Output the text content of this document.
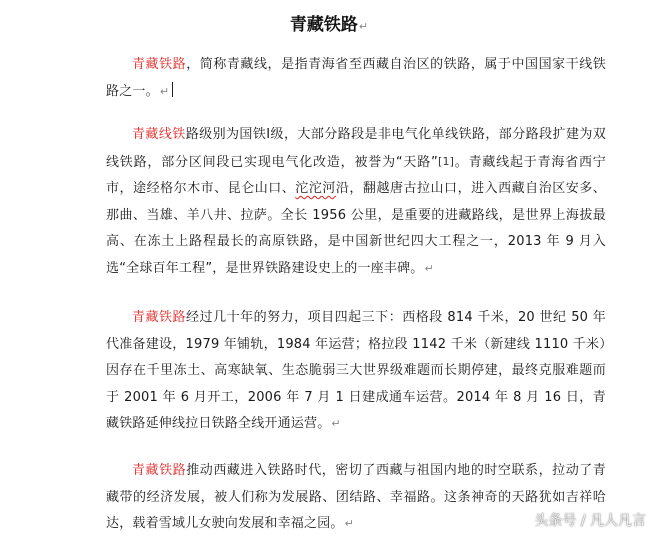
青藏铁路↵

青藏铁路，简称青藏线，是指青海省至西藏自治区的铁路，属于中国国家干线铁路之一。↵

青藏线铁路级别为国铁Ⅰ级，大部分路段是非电气化单线铁路，部分路段扩建为双线铁路，部分区间段已实现电气化改造，被誉为“天路”[1]。青藏线起于青海省西宁市，途经格尔木市、昆仑山口、沱沱河沿，翻越唐古拉山口，进入西藏自治区安多、那曲、当雄、羊八井、拉萨。全长 1956 公里，是重要的进藏路线，是世界上海拔最高、在冻土上路程最长的高原铁路，是中国新世纪四大工程之一，2013 年 9 月入选“全球百年工程”，是世界铁路建设史上的一座丰碑。↵

青藏铁路经过几十年的努力，项目四起三下：西格段 814 千米，20 世纪 50 年代准备建设，1979 年铺轨，1984 年运营；格拉段 1142 千米（新建线 1110 千米）因存在千里冻土、高寒缺氧、生态脆弱三大世界级难题而长期停建，最终克服难题而于 2001 年 6 月开工，2006 年 7 月 1 日建成通车运营。2014 年 8 月 16 日，青藏铁路延伸线拉日铁路全线开通运营。↵

青藏铁路推动西藏进入铁路时代，密切了西藏与祖国内地的时空联系，拉动了青藏带的经济发展，被人们称为发展路、团结路、幸福路。这条神奇的天路犹如吉祥哈达，载着雪域儿女驶向发展和幸福之园。↵	头条号 / 凡人凡言
